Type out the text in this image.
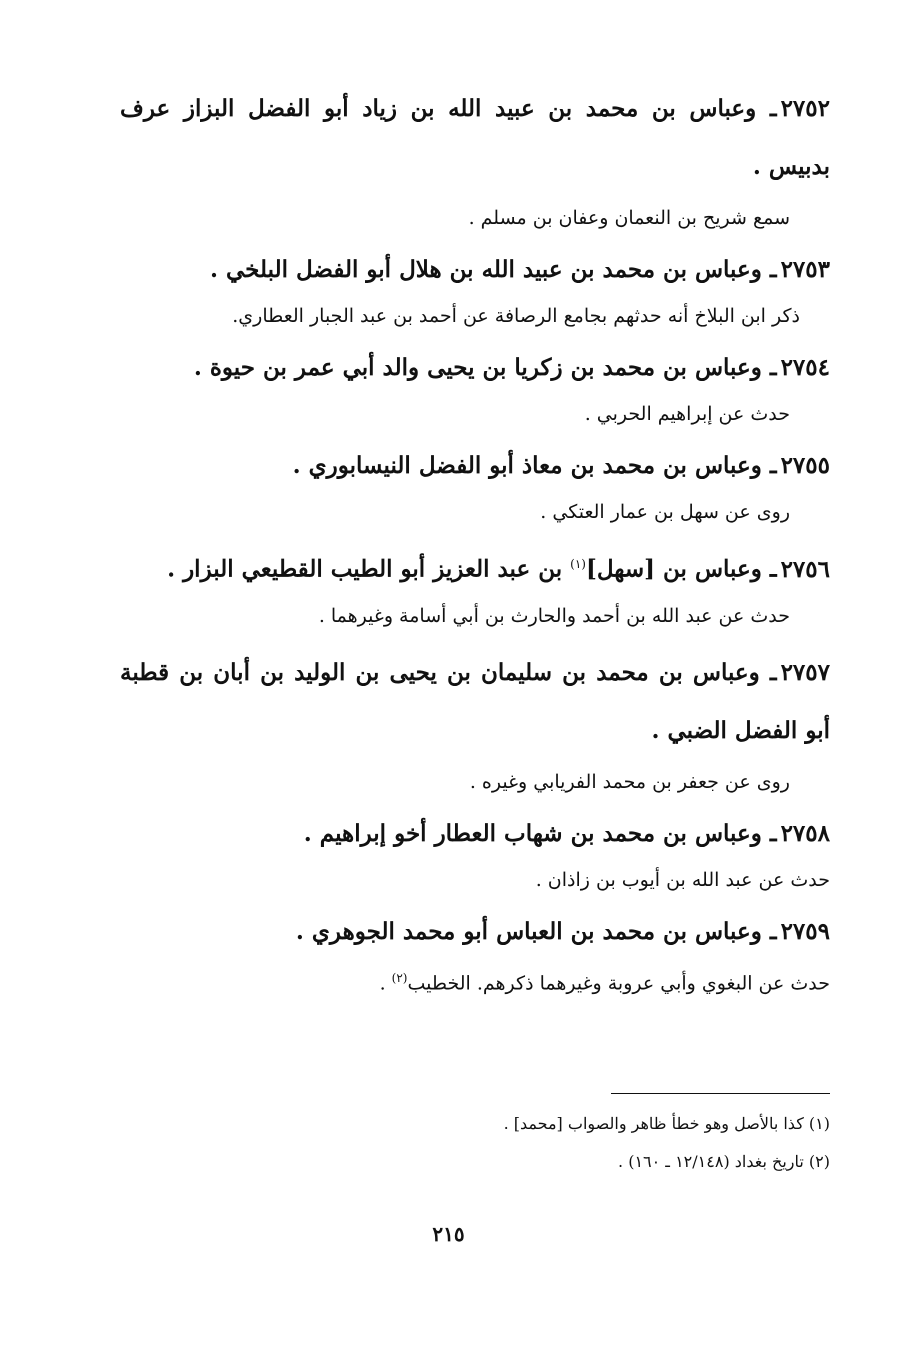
٢٧٥٢ـ وعباس بن محمد بن عبيد الله بن زياد أبو الفضل البزاز عرف بدبيس .

سمع شريح بن النعمان وعفان بن مسلم .

٢٧٥٣ـ وعباس بن محمد بن عبيد الله بن هلال أبو الفضل البلخي .

ذكر ابن البلاخ أنه حدثهم بجامع الرصافة عن أحمد بن عبد الجبار العطاري.

٢٧٥٤ـ وعباس بن محمد بن زكريا بن يحيى والد أبي عمر بن حيوة .

حدث عن إبراهيم الحربي .

٢٧٥٥ـ وعباس بن محمد بن معاذ أبو الفضل النيسابوري .

روى عن سهل بن عمار العتكي .

٢٧٥٦ـ وعباس بن [سهل]$^{(١)}$ بن عبد العزيز أبو الطيب القطيعي البزار .

حدث عن عبد الله بن أحمد والحارث بن أبي أسامة وغيرهما .

٢٧٥٧ـ وعباس بن محمد بن سليمان بن يحيى بن الوليد بن أبان بن قطبة أبو الفضل الضبي .

روى عن جعفر بن محمد الفريابي وغيره .

٢٧٥٨ـ وعباس بن محمد بن شهاب العطار أخو إبراهيم .

حدث عن عبد الله بن أيوب بن زاذان .

٢٧٥٩ـ وعباس بن محمد بن العباس أبو محمد الجوهري .

حدث عن البغوي وأبي عروبة وغيرهما ذكرهم. الخطيب$^{(٢)}$ .

(١) كذا بالأصل وهو خطأ ظاهر والصواب [محمد] .

(٢) تاريخ بغداد (١٢/١٤٨ ـ ١٦٠) .

٢١٥
